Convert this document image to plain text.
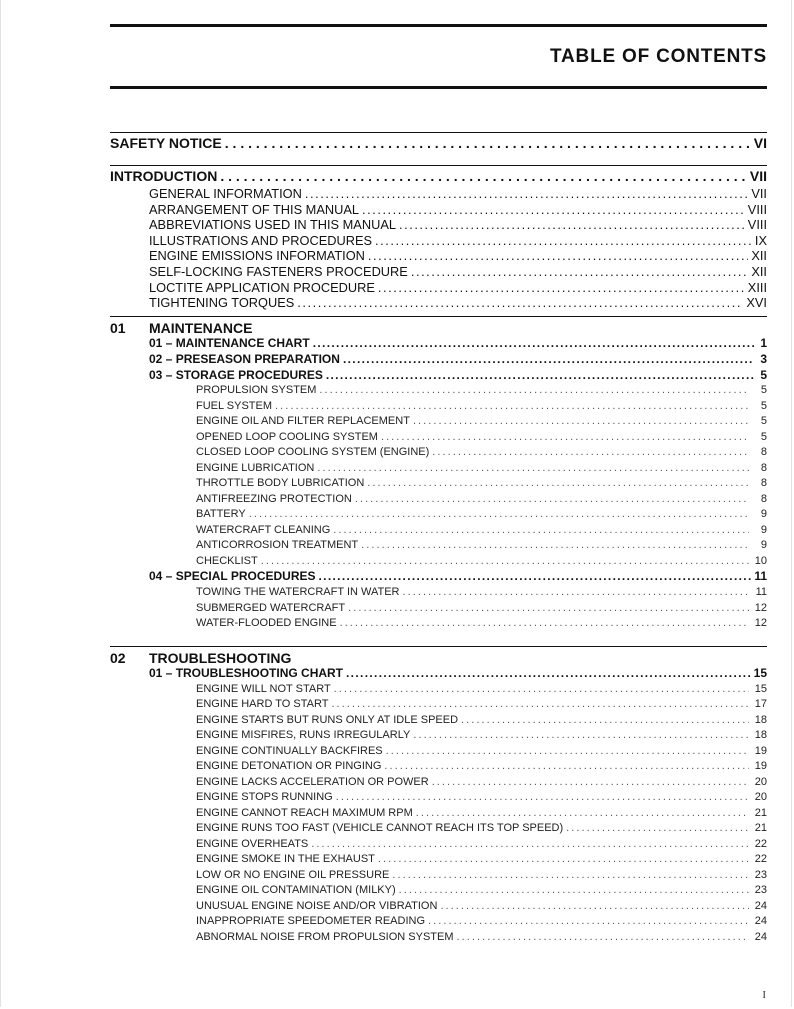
TABLE OF CONTENTS
SAFETY NOTICE . . .	VI
INTRODUCTION . . .	VII
GENERAL INFORMATION . . .	VII
ARRANGEMENT OF THIS MANUAL . . .	VIII
ABBREVIATIONS USED IN THIS MANUAL . . .	VIII
ILLUSTRATIONS AND PROCEDURES . . .	IX
ENGINE EMISSIONS INFORMATION . . .	XII
SELF-LOCKING FASTENERS PROCEDURE . . .	XII
LOCTITE APPLICATION PROCEDURE . . .	XIII
TIGHTENING TORQUES . . .	XVI
01	MAINTENANCE
01 – MAINTENANCE CHART . . .	1
02 – PRESEASON PREPARATION . . .	3
03 – STORAGE PROCEDURES . . .	5
PROPULSION SYSTEM . . .	5
FUEL SYSTEM . . .	5
ENGINE OIL AND FILTER REPLACEMENT . . .	5
OPENED LOOP COOLING SYSTEM . . .	5
CLOSED LOOP COOLING SYSTEM (ENGINE) . . .	8
ENGINE LUBRICATION . . .	8
THROTTLE BODY LUBRICATION . . .	8
ANTIFREEZING PROTECTION . . .	8
BATTERY . . .	9
WATERCRAFT CLEANING . . .	9
ANTICORROSION TREATMENT . . .	9
CHECKLIST . . .	10
04 – SPECIAL PROCEDURES . . .	11
TOWING THE WATERCRAFT IN WATER . . .	11
SUBMERGED WATERCRAFT . . .	12
WATER-FLOODED ENGINE . . .	12
02	TROUBLESHOOTING
01 – TROUBLESHOOTING CHART . . .	15
ENGINE WILL NOT START . . .	15
ENGINE HARD TO START . . .	17
ENGINE STARTS BUT RUNS ONLY AT IDLE SPEED . . .	18
ENGINE MISFIRES, RUNS IRREGULARLY . . .	18
ENGINE CONTINUALLY BACKFIRES . . .	19
ENGINE DETONATION OR PINGING . . .	19
ENGINE LACKS ACCELERATION OR POWER . . .	20
ENGINE STOPS RUNNING . . .	20
ENGINE CANNOT REACH MAXIMUM RPM . . .	21
ENGINE RUNS TOO FAST (VEHICLE CANNOT REACH ITS TOP SPEED) . . .	21
ENGINE OVERHEATS . . .	22
ENGINE SMOKE IN THE EXHAUST . . .	22
LOW OR NO ENGINE OIL PRESSURE . . .	23
ENGINE OIL CONTAMINATION (MILKY) . . .	23
UNUSUAL ENGINE NOISE AND/OR VIBRATION . . .	24
INAPPROPRIATE SPEEDOMETER READING . . .	24
ABNORMAL NOISE FROM PROPULSION SYSTEM . . .	24
I
